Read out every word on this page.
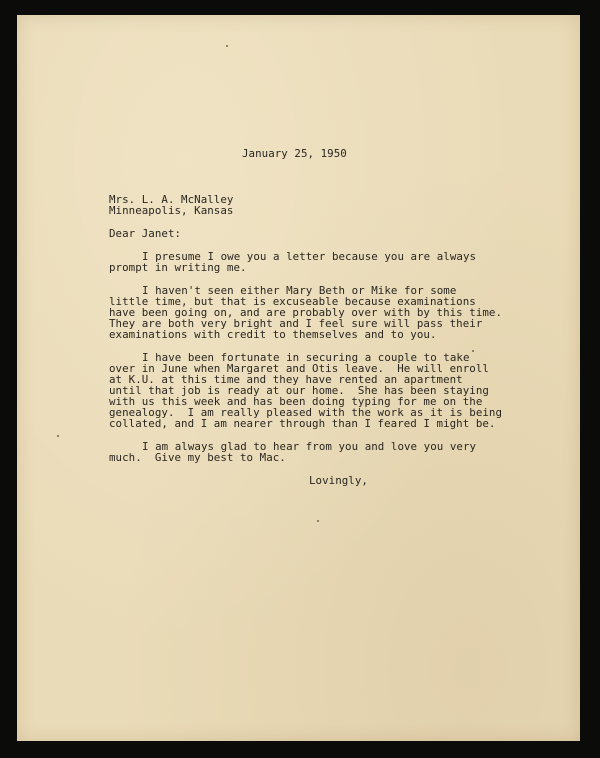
January 25, 1950
Mrs. L. A. McNalley
Minneapolis, Kansas
Dear Janet:
I presume I owe you a letter because you are always
prompt in writing me.
I haven't seen either Mary Beth or Mike for some
little time, but that is excuseable because examinations
have been going on, and are probably over with by this time.
They are both very bright and I feel sure will pass their
examinations with credit to themselves and to you.
I have been fortunate in securing a couple to take
over in June when Margaret and Otis leave.  He will enroll
at K.U. at this time and they have rented an apartment
until that job is ready at our home.  She has been staying
with us this week and has been doing typing for me on the
genealogy.  I am really pleased with the work as it is being
collated, and I am nearer through than I feared I might be.
I am always glad to hear from you and love you very
much.  Give my best to Mac.
Lovingly,
